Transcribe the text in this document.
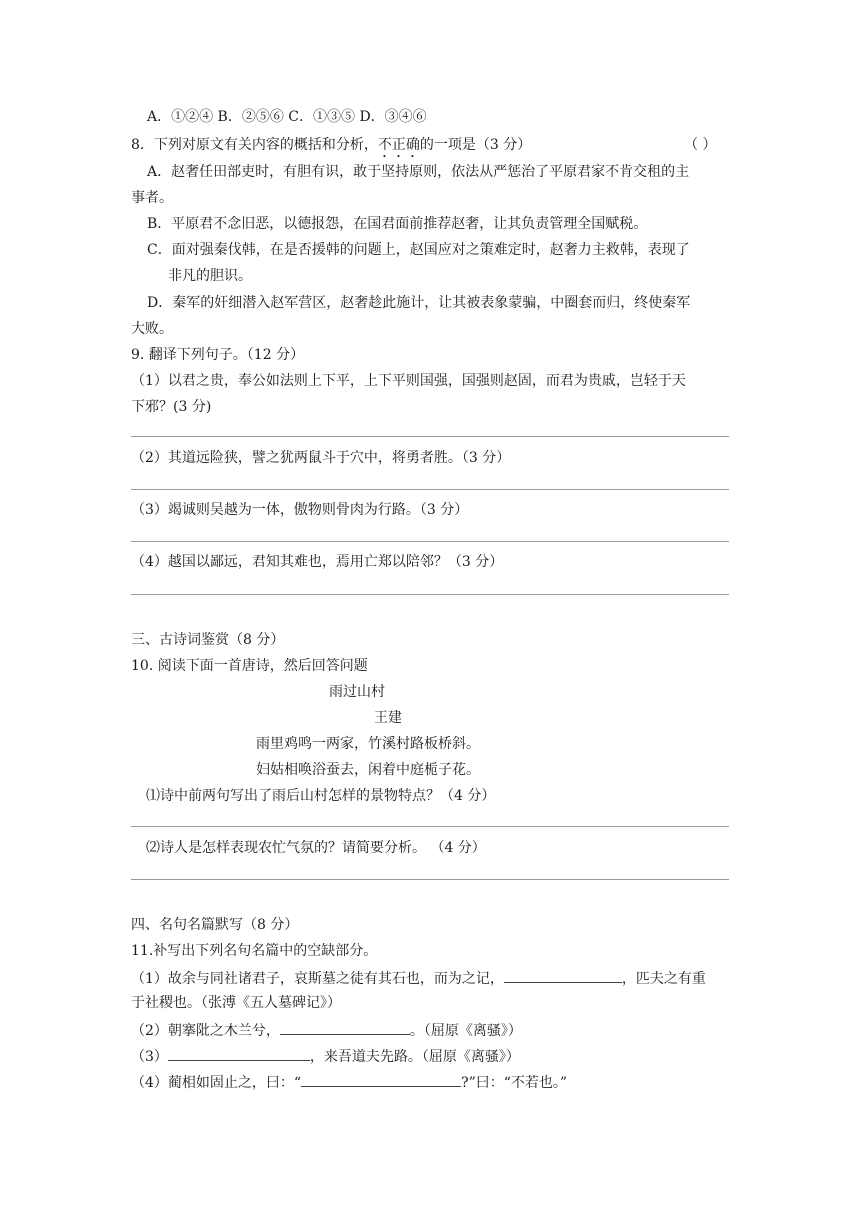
A．①②④ B．②⑤⑥ C．①③⑤ D．③④⑥
8．下列对原文有关内容的概括和分析，不正确的一项是（3 分）	（ ）
A．赵奢任田部吏时，有胆有识，敢于坚持原则，依法从严惩治了平原君家不肯交租的主
事者。
B．平原君不念旧恶，以德报怨，在国君面前推荐赵奢，让其负责管理全国赋税。
C．面对强秦伐韩，在是否援韩的问题上，赵国应对之策难定时，赵奢力主救韩，表现了
非凡的胆识。
D．秦军的奸细潜入赵军营区，赵奢趁此施计，让其被表象蒙骗，中圈套而归，终使秦军
大败。
9. 翻译下列句子。（12 分）
（1）以君之贵，奉公如法则上下平，上下平则国强，国强则赵固，而君为贵戚，岂轻于天
下邪？(3 分)
（2）其道远险狭，譬之犹两鼠斗于穴中，将勇者胜。（3 分）
（3）竭诚则吴越为一体，傲物则骨肉为行路。（3 分）
（4）越国以鄙远，君知其难也，焉用亡郑以陪邻？（3 分）
三、古诗词鉴赏（8 分）
10. 阅读下面一首唐诗，然后回答问题
雨过山村
王建
雨里鸡鸣一两家，竹溪村路板桥斜。
妇姑相唤浴蚕去，闲着中庭栀子花。
⑴诗中前两句写出了雨后山村怎样的景物特点？（4 分）
⑵诗人是怎样表现农忙气氛的？请简要分析。 （4 分）
四、名句名篇默写（8 分）
11.补写出下列名句名篇中的空缺部分。
（1）故余与同社诸君子，哀斯墓之徒有其石也，而为之记，	，匹夫之有重
于社稷也。（张溥《五人墓碑记》）
（2）朝搴阰之木兰兮，	。（屈原《离骚》）
（3）	，来吾道夫先路。（屈原《离骚》）
（4）蔺相如固止之，曰：“	?”曰：“不若也。”
